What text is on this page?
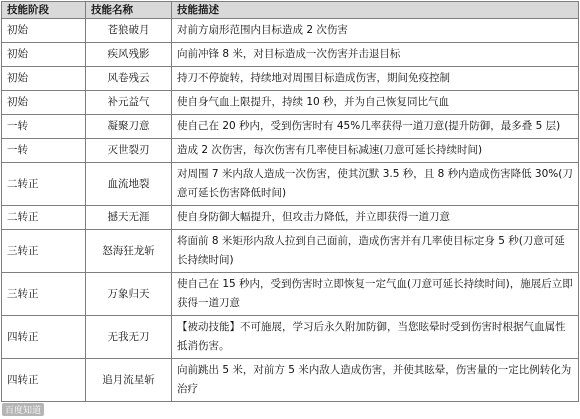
技能阶段	技能名称	技能描述
初始	苍狼破月	对前方扇形范围内目标造成 2 次伤害
初始	疾风残影	向前冲锋 8 米，对目标造成一次伤害并击退目标
初始	风卷残云	持刀不停旋转，持续地对周围目标造成伤害，期间免疫控制
初始	补元益气	使自身气血上限提升，持续 10 秒，并为自己恢复同比气血
一转	凝聚刀意	使自己在 20 秒内，受到伤害时有 45%几率获得一道刀意(提升防御，最多叠 5 层)
一转	灭世裂刃	造成 2 次伤害，每次伤害有几率使目标减速(刀意可延长持续时间)
二转正	血流地裂	对周围 7 米内敌人造成一次伤害，使其沉默 3.5 秒，且 8 秒内造成伤害降低 30%(刀意可延长伤害降低时间)
二转正	撼天无涯	使自身防御大幅提升，但攻击力降低，并立即获得一道刀意
三转正	怒海狂龙斩	将面前 8 米矩形内敌人拉到自己面前，造成伤害并有几率使目标定身 5 秒(刀意可延长持续时间)
三转正	万象归天	使自己在 15 秒内，受到伤害时立即恢复一定气血(刀意可延长持续时间)，施展后立即获得一道刀意
四转正	无我无刀	【被动技能】不可施展，学习后永久附加防御，当您眩晕时受到伤害时根据气血属性抵消伤害。
四转正	追月流星斩	向前跳出 5 米，对前方 5 米内敌人造成伤害，并使其眩晕，伤害量的一定比例转化为治疗
百度知道
